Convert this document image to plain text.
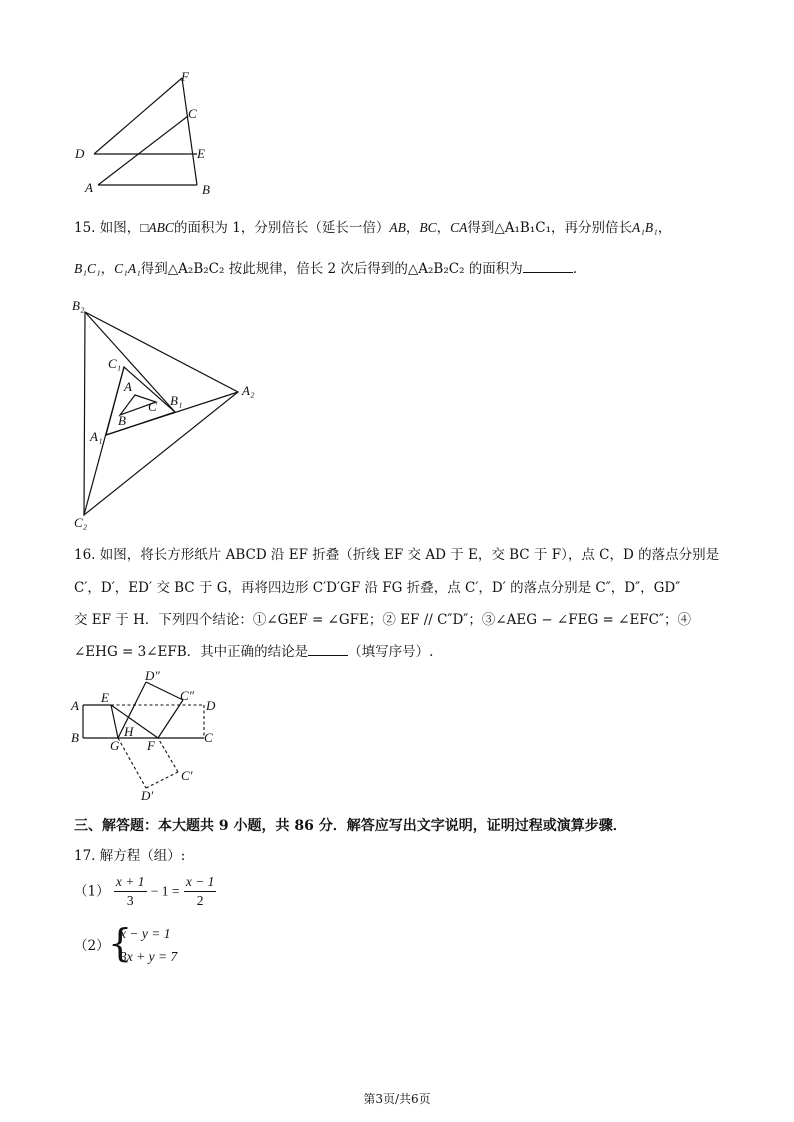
F
C
D	E
A	B
15. 如图，□ABC的面积为 1，分别倍长（延长一倍）AB，BC，CA得到△A₁B₁C₁，再分别倍长A₁B₁，
B₁C₁，C₁A₁得到△A₂B₂C₂ 按此规律，倍长 2 次后得到的△A₂B₂C₂ 的面积为	.
B₂
C₁
A
C B₁
B
A₁
A₂
C₂
16. 如图，将长方形纸片 ABCD 沿 EF 折叠（折线 EF 交 AD 于 E，交 BC 于 F），点 C，D 的落点分别是
C′，D′，ED′ 交 BC 于 G，再将四边形 C′D′GF 沿 FG 折叠，点 C′，D′ 的落点分别是 C″，D″，GD″
交 EF 于 H．下列四个结论：①∠GEF = ∠GFE；② EF // C″D″；③∠AEG − ∠FEG = ∠EFC″；④
∠EHG = 3∠EFB．其中正确的结论是	（填写序号）.
D″
C″
E
A	D
B
G
H
F
C
C′
D′
三、解答题：本大题共 9 小题，共 86 分．解答应写出文字说明，证明过程或演算步骤．
17. 解方程（组）:
$(1) \frac{x + 1}{3} - 1 = \frac{x - 1}{2}$
（2）
{
x − y = 1
3x + y = 7
第3页/共6页
